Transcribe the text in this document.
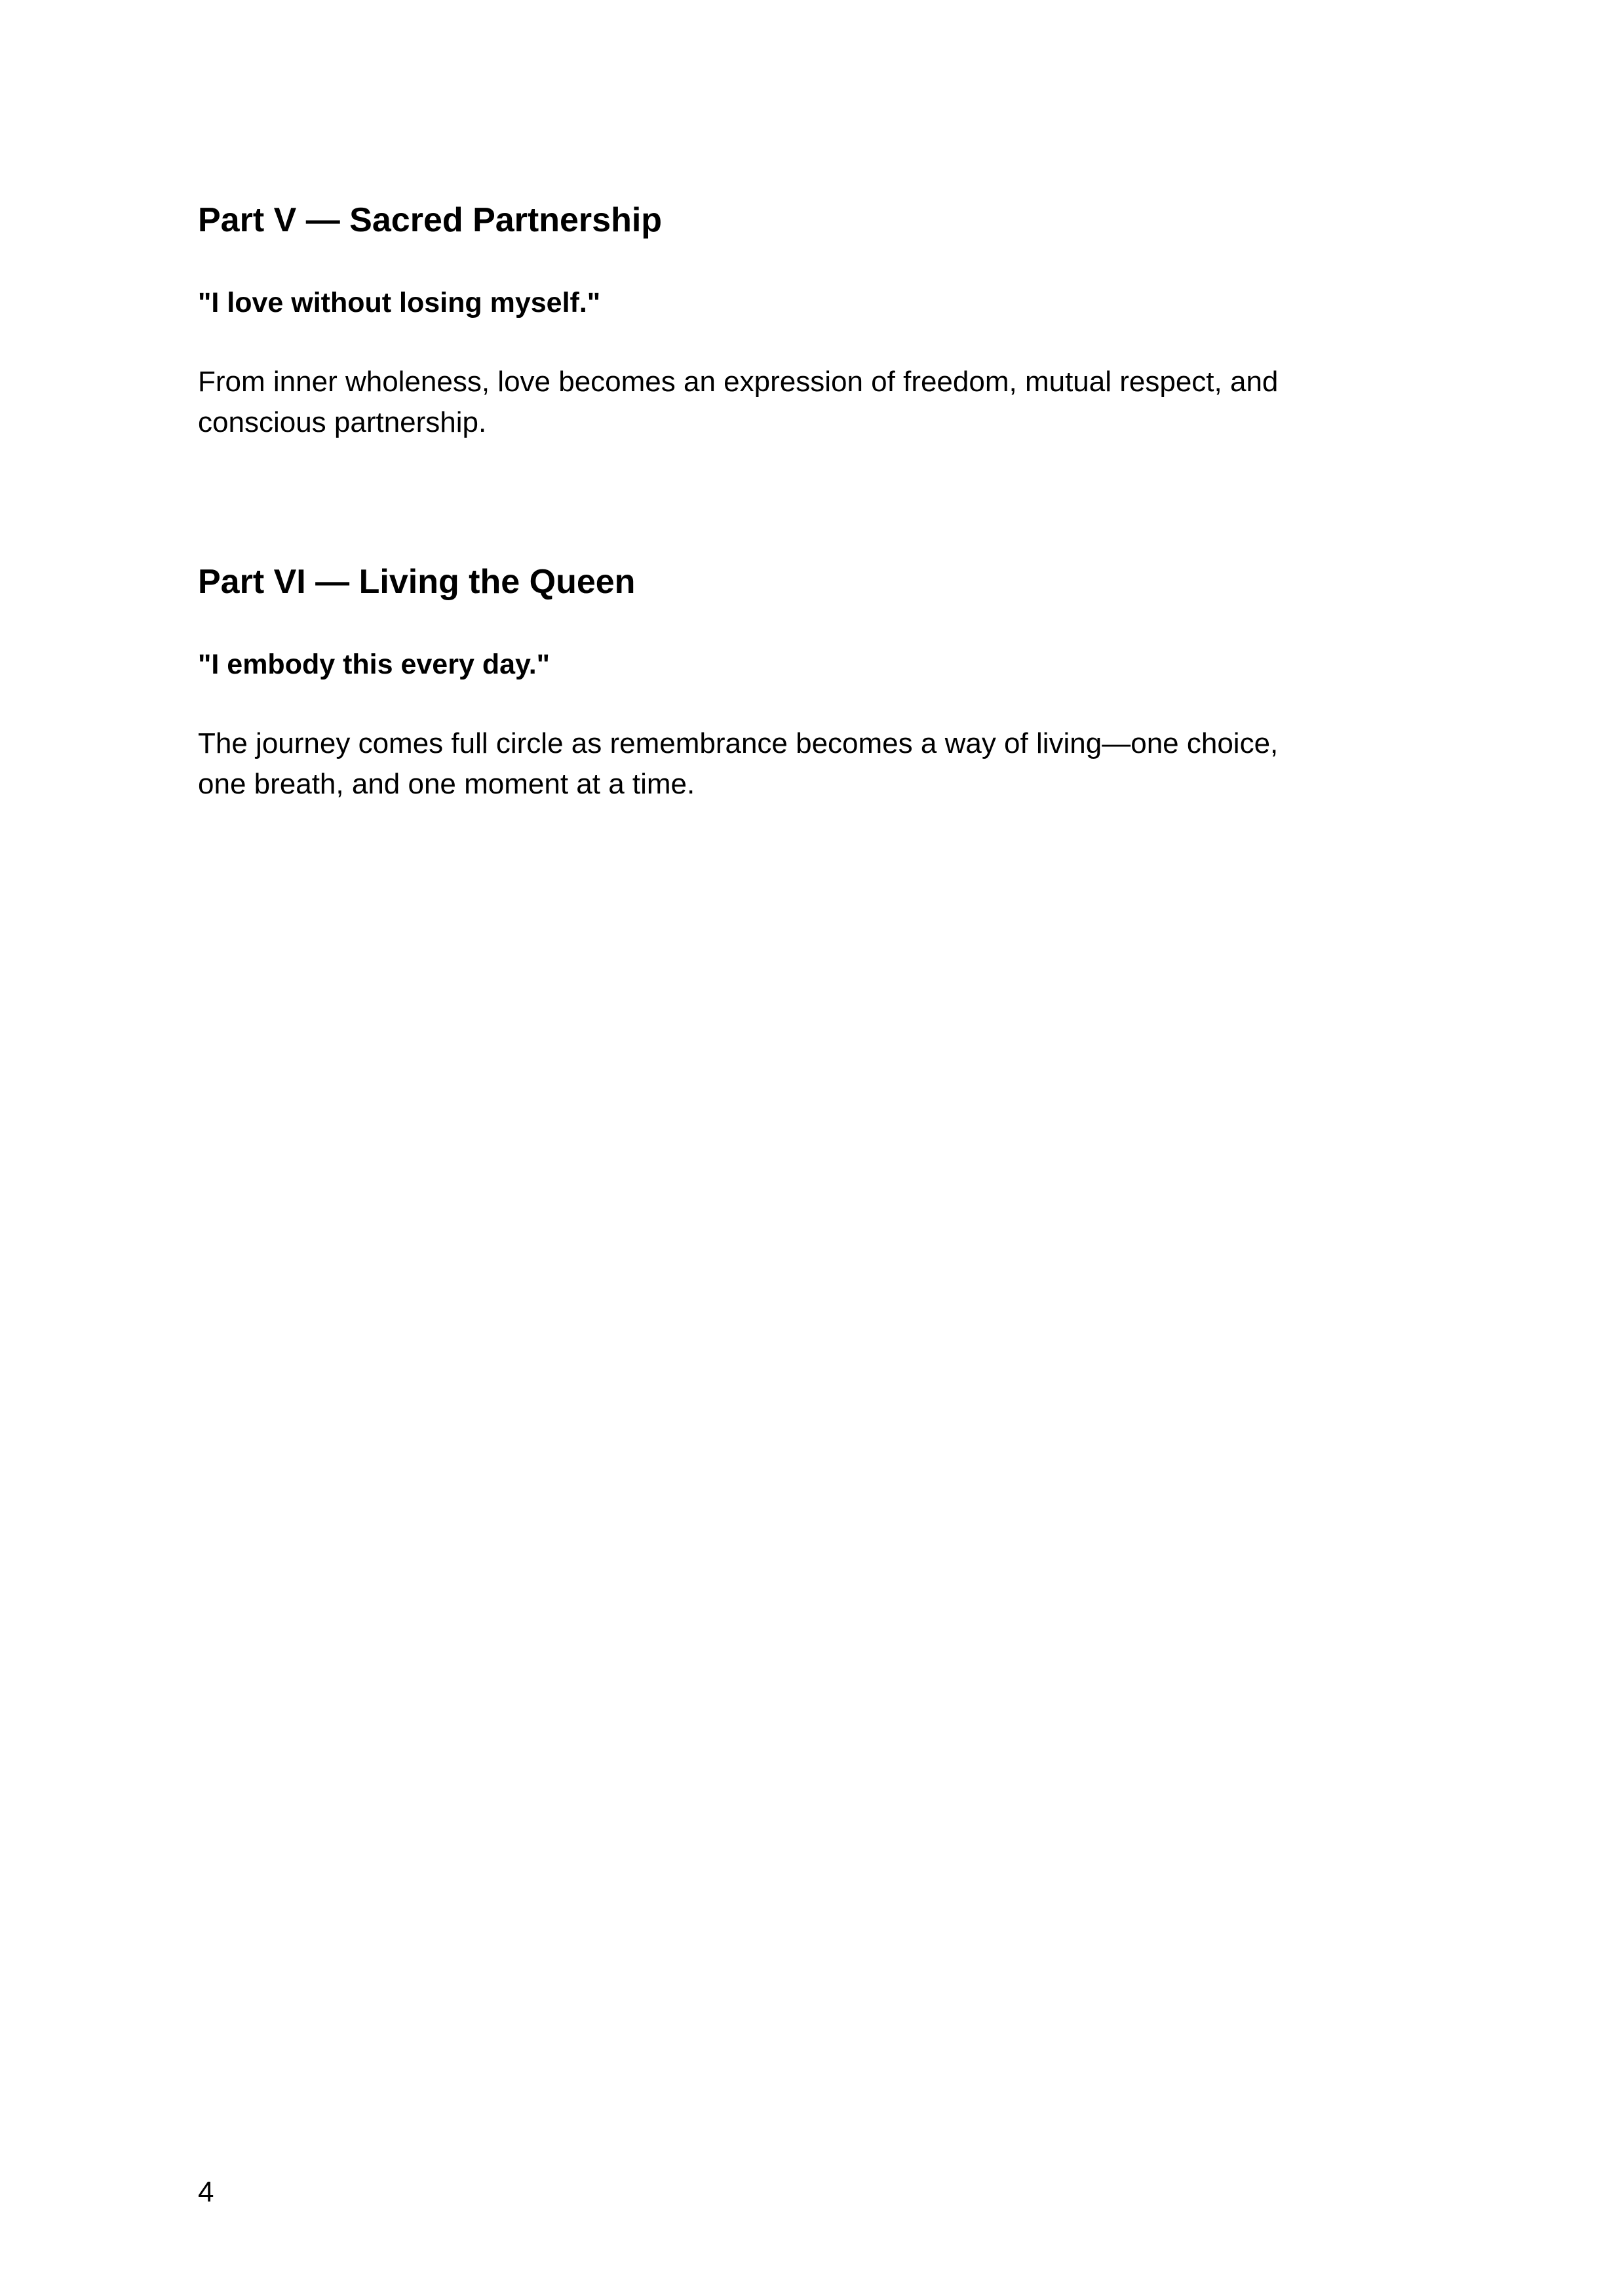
Part V — Sacred Partnership

"I love without losing myself."

From inner wholeness, love becomes an expression of freedom, mutual respect, and conscious partnership.

Part VI — Living the Queen

"I embody this every day."

The journey comes full circle as remembrance becomes a way of living—one choice, one breath, and one moment at a time.

4
